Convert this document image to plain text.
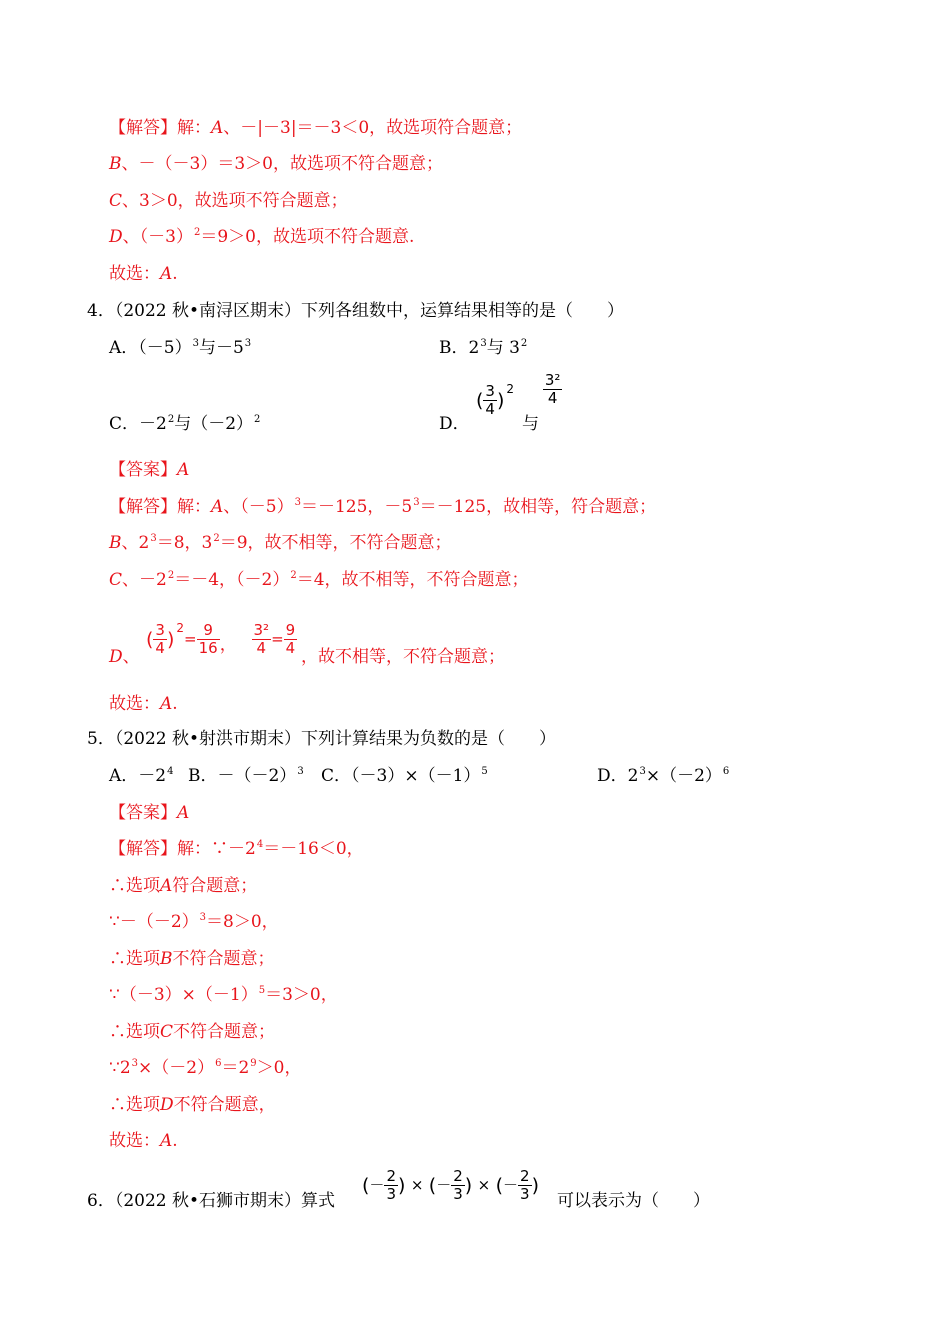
【解答】解：A、－|－3|＝－3＜0，故选项符合题意；
B、－（－3）＝3＞0，故选项不符合题意；
C、3＞0，故选项不符合题意；
D、$(-3)^2=9>0$，故选项不符合题意.
故选：A.
4．（2022 秋•南浔区期末）下列各组数中，运算结果相等的是（　　）
A．$(-5)^3$与$-5^3$	B．$2^3$与 $3^2$
C．$-2^2$与$(-2)^2$	D．
( $\frac{3}{4} )^2 \frac{\text{3²}}{4}$
与
【答案】A
【解答】解：A、$(-5)^3=-125$，$-5^3=-125$，故相等，符合题意；
B、$2^3=8$，$3^2=9$，故不相等，不符合题意；
C、$-2^2=-4$，$(-2)^2=4$，故不相等，不符合题意；
D、
( $\frac{3}{4} )^2= \frac{9}{16}$ ， $\frac{\text{3²}}{4} = \frac{9}{4}$ ，故不相等，不符合题意；
故选：A.
5．（2022 秋•射洪市期末）下列计算结果为负数的是（　　）
A．$-2^4$ B．$-(-2)^3$ C．$(-3)\times(-1)^5$	D．$2^3\times(-2)^6$
【答案】A
【解答】解：$\because-2^4=-16<0$，
∴选项A符合题意；
$\because-(-2)^3=8>0$，
∴选项B不符合题意；
$\because(-3)\times(-1)^5=3>0$，
∴选项C不符合题意；
$\because 2^3\times(-2)^6=2^9>0$，
∴选项D不符合题意，
故选：A.
6．（2022 秋•石狮市期末）算式
(－ $\frac{2}{3}$ ) × (－ $\frac{2}{3}$ ) × (－ $\frac{2}{3}$ )
可以表示为（　　）
